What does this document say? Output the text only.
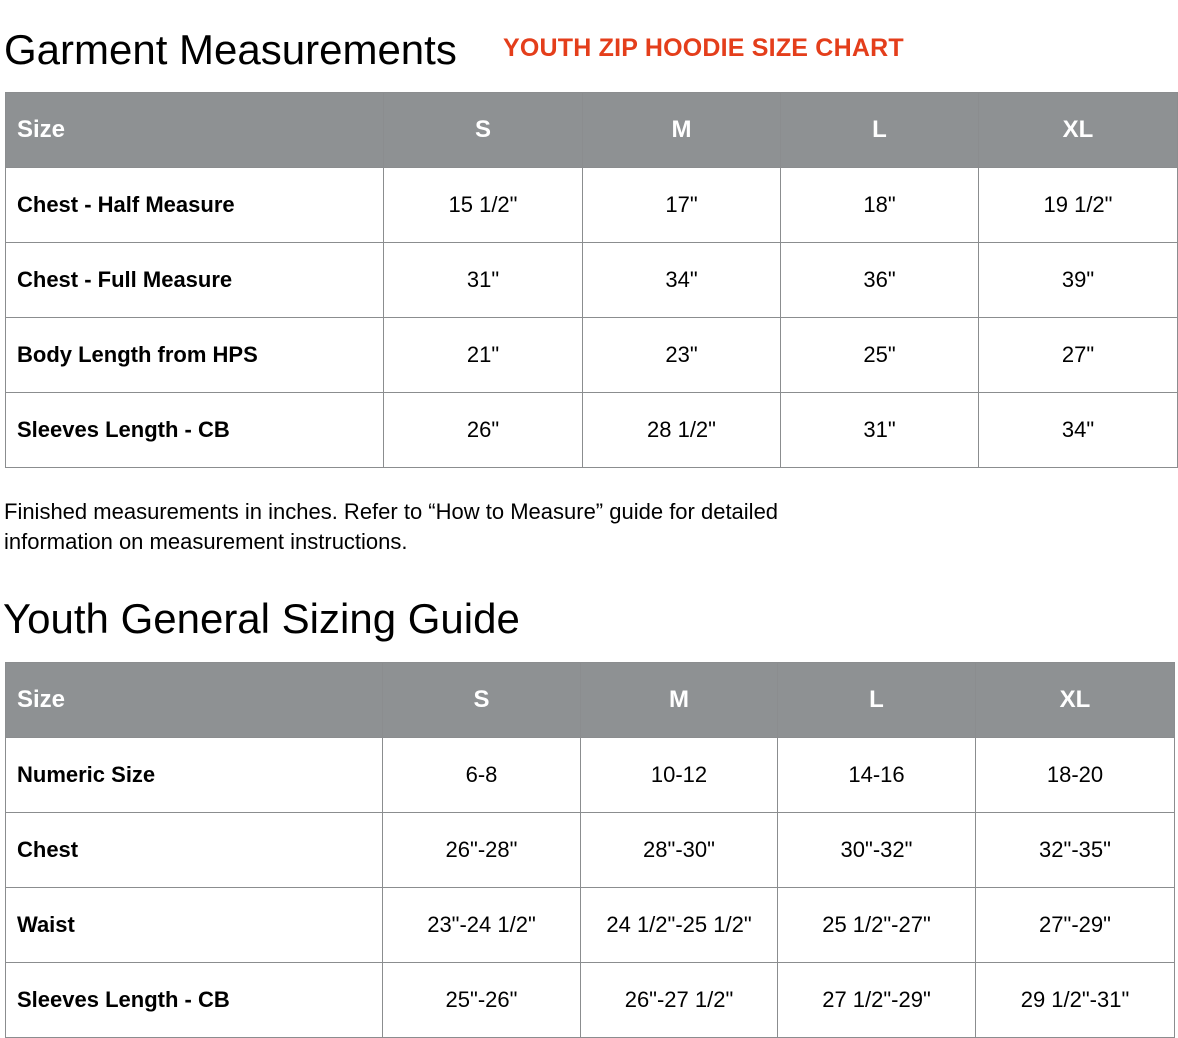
Garment Measurements YOUTH ZIP HOODIE SIZE CHART
Size	S	M	L	XL
Chest - Half Measure	15 1/2"	17"	18"	19 1/2"
Chest - Full Measure	31"	34"	36"	39"
Body Length from HPS	21"	23"	25"	27"
Sleeves Length - CB	26"	28 1/2"	31"	34"
Finished measurements in inches. Refer to “How to Measure” guide for detailed
information on measurement instructions.
Youth General Sizing Guide
Size	S	M	L	XL
Numeric Size	6-8	10-12	14-16	18-20
Chest	26"-28"	28"-30"	30"-32"	32"-35"
Waist	23"-24 1/2"	24 1/2"-25 1/2"	25 1/2"-27"	27"-29"
Sleeves Length - CB	25"-26"	26"-27 1/2"	27 1/2"-29"	29 1/2"-31"
